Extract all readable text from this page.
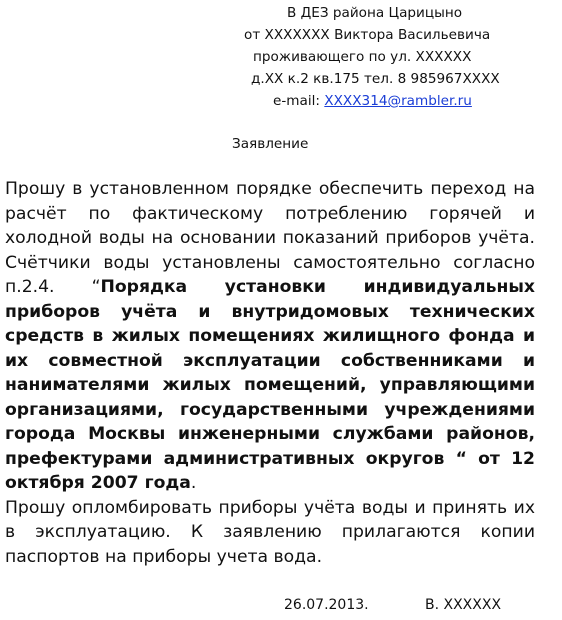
В ДЕЗ района Царицыно
от XXXXXXX Виктора Васильевича
проживающего по ул. XXXXXX
д.XX к.2 кв.175 тел. 8 985967XXXX
e-mail: XXXX314@rambler.ru
Заявление

Прошу в установленном порядке обеспечить переход на расчёт по фактическому потреблению горячей и холодной воды на основании показаний приборов учёта. Счётчики воды установлены самостоятельно согласно п.2.4. “Порядка установки индивидуальных приборов учёта и внутридомовых технических средств в жилых помещениях жилищного фонда и их совместной эксплуатации собственниками и нанимателями жилых помещений, управляющими организациями, государственными учреждениями города Москвы инженерными службами районов, префектурами административных округов “ от 12 октября 2007 года.

Прошу опломбировать приборы учёта воды и принять их в эксплуатацию. К заявлению прилагаются копии паспортов на приборы учета вода.

26.07.2013.	В. XXXXXX
